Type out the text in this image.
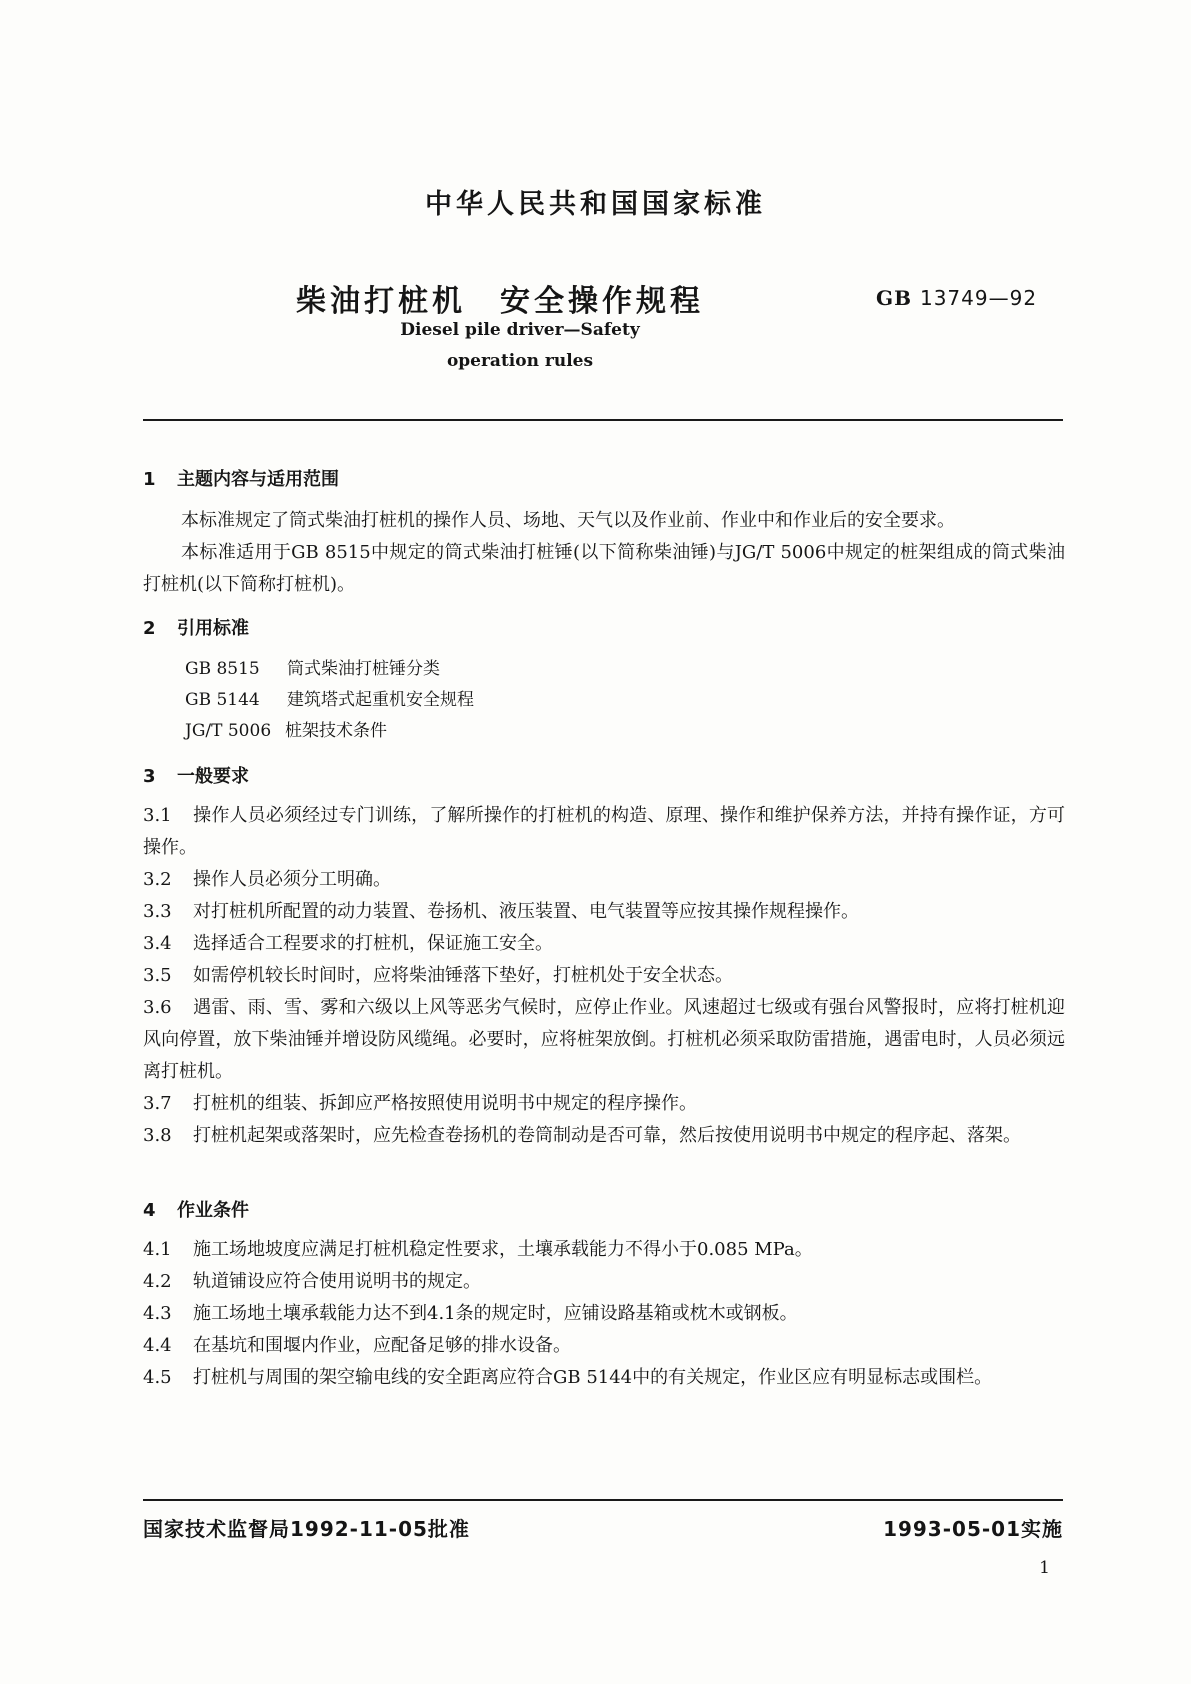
中华人民共和国国家标准
柴油打桩机　安全操作规程	GB 13749—92
Diesel pile driver—Safety
operation rules
1 主题内容与适用范围
本标准规定了筒式柴油打桩机的操作人员、场地、天气以及作业前、作业中和作业后的安全要求。
本标准适用于GB 8515中规定的筒式柴油打桩锤(以下简称柴油锤)与JG/T 5006中规定的桩架组成的筒式柴油打桩机(以下简称打桩机)。
2 引用标准
GB 8515 筒式柴油打桩锤分类
GB 5144 建筑塔式起重机安全规程
JG/T 5006 桩架技术条件
3 一般要求
3.1 操作人员必须经过专门训练，了解所操作的打桩机的构造、原理、操作和维护保养方法，并持有操作证，方可操作。
3.2 操作人员必须分工明确。
3.3 对打桩机所配置的动力装置、卷扬机、液压装置、电气装置等应按其操作规程操作。
3.4 选择适合工程要求的打桩机，保证施工安全。
3.5 如需停机较长时间时，应将柴油锤落下垫好，打桩机处于安全状态。
3.6 遇雷、雨、雪、雾和六级以上风等恶劣气候时，应停止作业。风速超过七级或有强台风警报时，应将打桩机迎风向停置，放下柴油锤并增设防风缆绳。必要时，应将桩架放倒。打桩机必须采取防雷措施，遇雷电时，人员必须远离打桩机。
3.7 打桩机的组装、拆卸应严格按照使用说明书中规定的程序操作。
3.8 打桩机起架或落架时，应先检查卷扬机的卷筒制动是否可靠，然后按使用说明书中规定的程序起、落架。
4 作业条件
4.1 施工场地坡度应满足打桩机稳定性要求，土壤承载能力不得小于0.085 MPa。
4.2 轨道铺设应符合使用说明书的规定。
4.3 施工场地土壤承载能力达不到4.1条的规定时，应铺设路基箱或枕木或钢板。
4.4 在基坑和围堰内作业，应配备足够的排水设备。
4.5 打桩机与周围的架空输电线的安全距离应符合GB 5144中的有关规定，作业区应有明显标志或围栏。
国家技术监督局1992-11-05批准	1993-05-01实施
1
